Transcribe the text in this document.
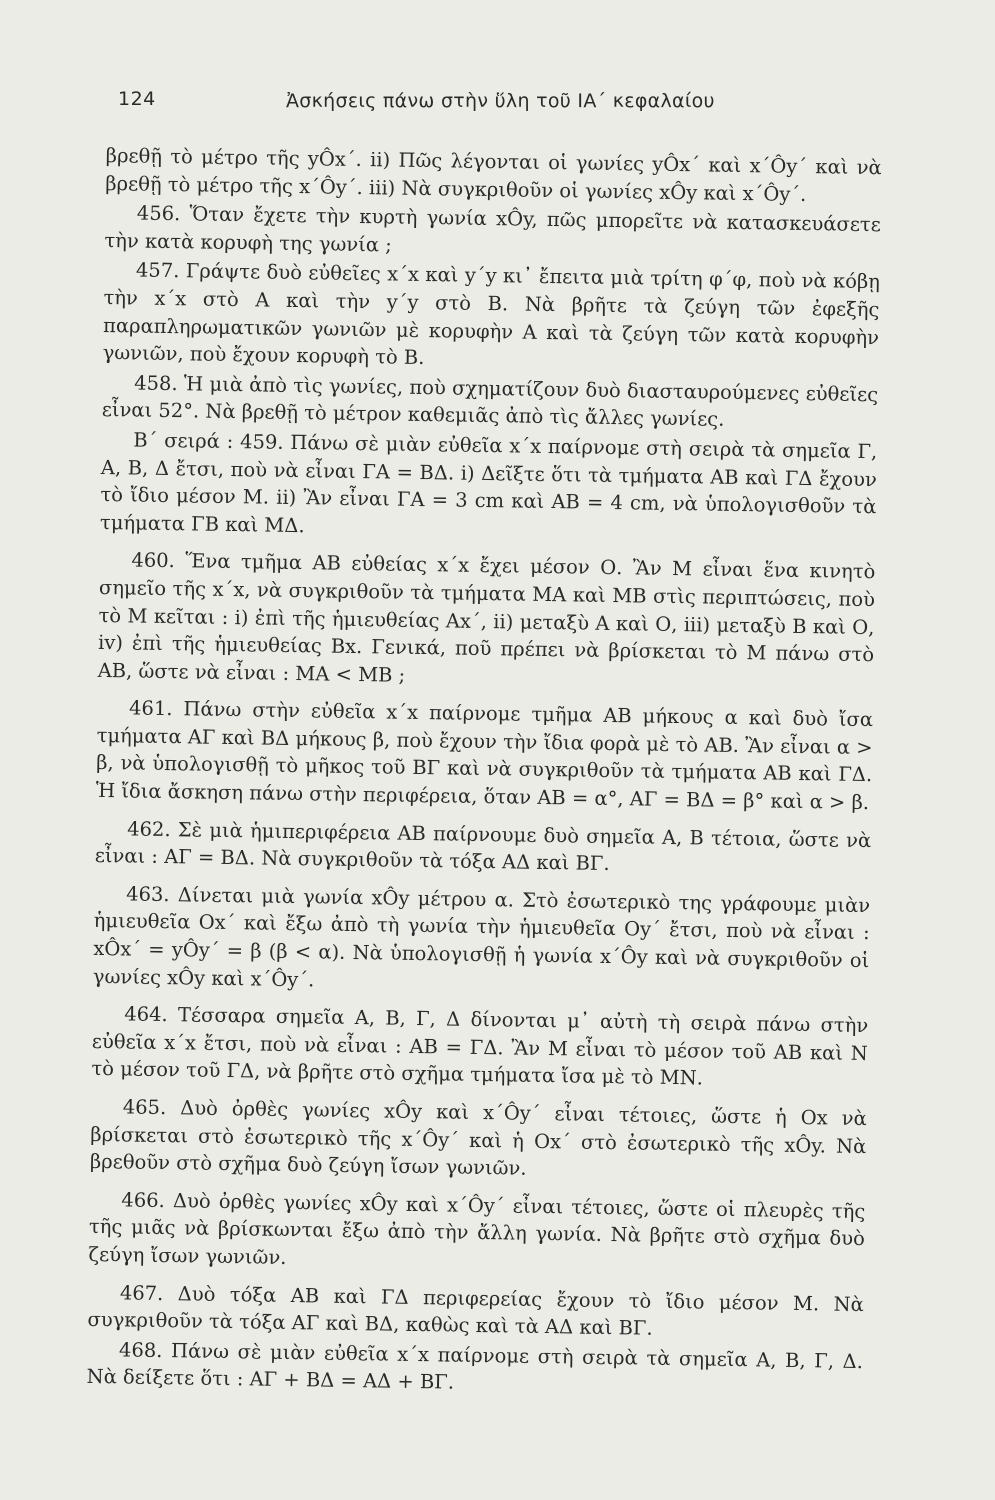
124	Ἀσκήσεις πάνω στὴν ὕλη τοῦ ΙΑ΄ κεφαλαίου

βρεθῇ τὸ μέτρο τῆς yÔx΄. ii) Πῶς λέγονται οἱ γωνίες yÔx΄ καὶ x΄Ôy΄ καὶ νὰ βρεθῇ τὸ μέτρο τῆς x΄Ôy΄. iii) Νὰ συγκριθοῦν οἱ γωνίες xÔy καὶ x΄Ôy΄.

456. Ὅταν ἔχετε τὴν κυρτὴ γωνία xÔy, πῶς μπορεῖτε νὰ κατασκευάσετε τὴν κατὰ κορυφὴ της γωνία ;

457. Γράψτε δυὸ εὐθεῖες x΄x καὶ y΄y κι᾽ ἔπειτα μιὰ τρίτη φ΄φ, ποὺ νὰ κόβῃ τὴν x΄x στὸ Α καὶ τὴν y΄y στὸ Β. Νὰ βρῆτε τὰ ζεύγη τῶν ἐφεξῆς παραπληρωματικῶν γωνιῶν μὲ κορυφὴν Α καὶ τὰ ζεύγη τῶν κατὰ κορυφὴν γωνιῶν, ποὺ ἔχουν κορυφὴ τὸ Β.

458. Ἡ μιὰ ἀπὸ τὶς γωνίες, ποὺ σχηματίζουν δυὸ διασταυρούμενες εὐθεῖες εἶναι 52°. Νὰ βρεθῇ τὸ μέτρον καθεμιᾶς ἀπὸ τὶς ἄλλες γωνίες.

Β΄ σειρά : 459. Πάνω σὲ μιὰν εὐθεῖα x΄x παίρνομε στὴ σειρὰ τὰ σημεῖα Γ, Α, Β, Δ ἔτσι, ποὺ νὰ εἶναι ΓΑ = ΒΔ. i) Δεῖξτε ὅτι τὰ τμήματα ΑΒ καὶ ΓΔ ἔχουν τὸ ἴδιο μέσον Μ. ii) Ἂν εἶναι ΓΑ = 3 cm καὶ ΑΒ = 4 cm, νὰ ὑπολογισθοῦν τὰ τμήματα ΓΒ καὶ ΜΔ.

460. Ἕνα τμῆμα ΑΒ εὐθείας x΄x ἔχει μέσον Ο. Ἂν Μ εἶναι ἕνα κινητὸ σημεῖο τῆς x΄x, νὰ συγκριθοῦν τὰ τμήματα ΜΑ καὶ ΜΒ στὶς περιπτώσεις, ποὺ τὸ Μ κεῖται : i) ἐπὶ τῆς ἡμιευθείας Αx΄, ii) μεταξὺ Α καὶ Ο, iii) μεταξὺ Β καὶ Ο, iv) ἐπὶ τῆς ἡμιευθείας Βx. Γενικά, ποῦ πρέπει νὰ βρίσκεται τὸ Μ πάνω στὸ ΑΒ, ὥστε νὰ εἶναι : ΜΑ < ΜΒ ;

461. Πάνω στὴν εὐθεῖα x΄x παίρνομε τμῆμα ΑΒ μήκους α καὶ δυὸ ἴσα τμήματα ΑΓ καὶ ΒΔ μήκους β, ποὺ ἔχουν τὴν ἴδια φορὰ μὲ τὸ ΑΒ. Ἂν εἶναι α > β, νὰ ὑπολογισθῇ τὸ μῆκος τοῦ ΒΓ καὶ νὰ συγκριθοῦν τὰ τμήματα ΑΒ καὶ ΓΔ. Ἡ ἴδια ἄσκηση πάνω στὴν περιφέρεια, ὅταν ΑΒ = α°, ΑΓ = ΒΔ = β° καὶ α > β.

462. Σὲ μιὰ ἡμιπεριφέρεια ΑΒ παίρνουμε δυὸ σημεῖα Α, Β τέτοια, ὥστε νὰ εἶναι : ΑΓ = ΒΔ. Νὰ συγκριθοῦν τὰ τόξα ΑΔ καὶ ΒΓ.

463. Δίνεται μιὰ γωνία xÔy μέτρου α. Στὸ ἐσωτερικὸ της γράφουμε μιὰν ἡμιευθεῖα Ox΄ καὶ ἔξω ἀπὸ τὴ γωνία τὴν ἡμιευθεῖα Oy΄ ἔτσι, ποὺ νὰ εἶναι : xÔx΄ = yÔy΄ = β (β < α). Νὰ ὑπολογισθῇ ἡ γωνία x΄Ôy καὶ νὰ συγκριθοῦν οἱ γωνίες xÔy καὶ x΄Ôy΄.

464. Τέσσαρα σημεῖα Α, Β, Γ, Δ δίνονται μ᾽ αὐτὴ τὴ σειρὰ πάνω στὴν εὐθεῖα x΄x ἔτσι, ποὺ νὰ εἶναι : ΑΒ = ΓΔ. Ἂν Μ εἶναι τὸ μέσον τοῦ ΑΒ καὶ Ν τὸ μέσον τοῦ ΓΔ, νὰ βρῆτε στὸ σχῆμα τμήματα ἴσα μὲ τὸ ΜΝ.

465. Δυὸ ὀρθὲς γωνίες xÔy καὶ x΄Ôy΄ εἶναι τέτοιες, ὥστε ἡ Οx νὰ βρίσκεται στὸ ἐσωτερικὸ τῆς x΄Ôy΄ καὶ ἡ Οx΄ στὸ ἐσωτερικὸ τῆς xÔy. Νὰ βρεθοῦν στὸ σχῆμα δυὸ ζεύγη ἴσων γωνιῶν.

466. Δυὸ ὀρθὲς γωνίες xÔy καὶ x΄Ôy΄ εἶναι τέτοιες, ὥστε οἱ πλευρὲς τῆς τῆς μιᾶς νὰ βρίσκωνται ἔξω ἀπὸ τὴν ἄλλη γωνία. Νὰ βρῆτε στὸ σχῆμα δυὸ ζεύγη ἴσων γωνιῶν.

467. Δυὸ τόξα ΑΒ καὶ ΓΔ περιφερείας ἔχουν τὸ ἴδιο μέσον Μ. Νὰ συγκριθοῦν τὰ τόξα ΑΓ καὶ ΒΔ, καθὼς καὶ τὰ ΑΔ καὶ ΒΓ.

468. Πάνω σὲ μιὰν εὐθεῖα x΄x παίρνομε στὴ σειρὰ τὰ σημεῖα Α, Β, Γ, Δ. Νὰ δείξετε ὅτι : ΑΓ + ΒΔ = ΑΔ + ΒΓ.
